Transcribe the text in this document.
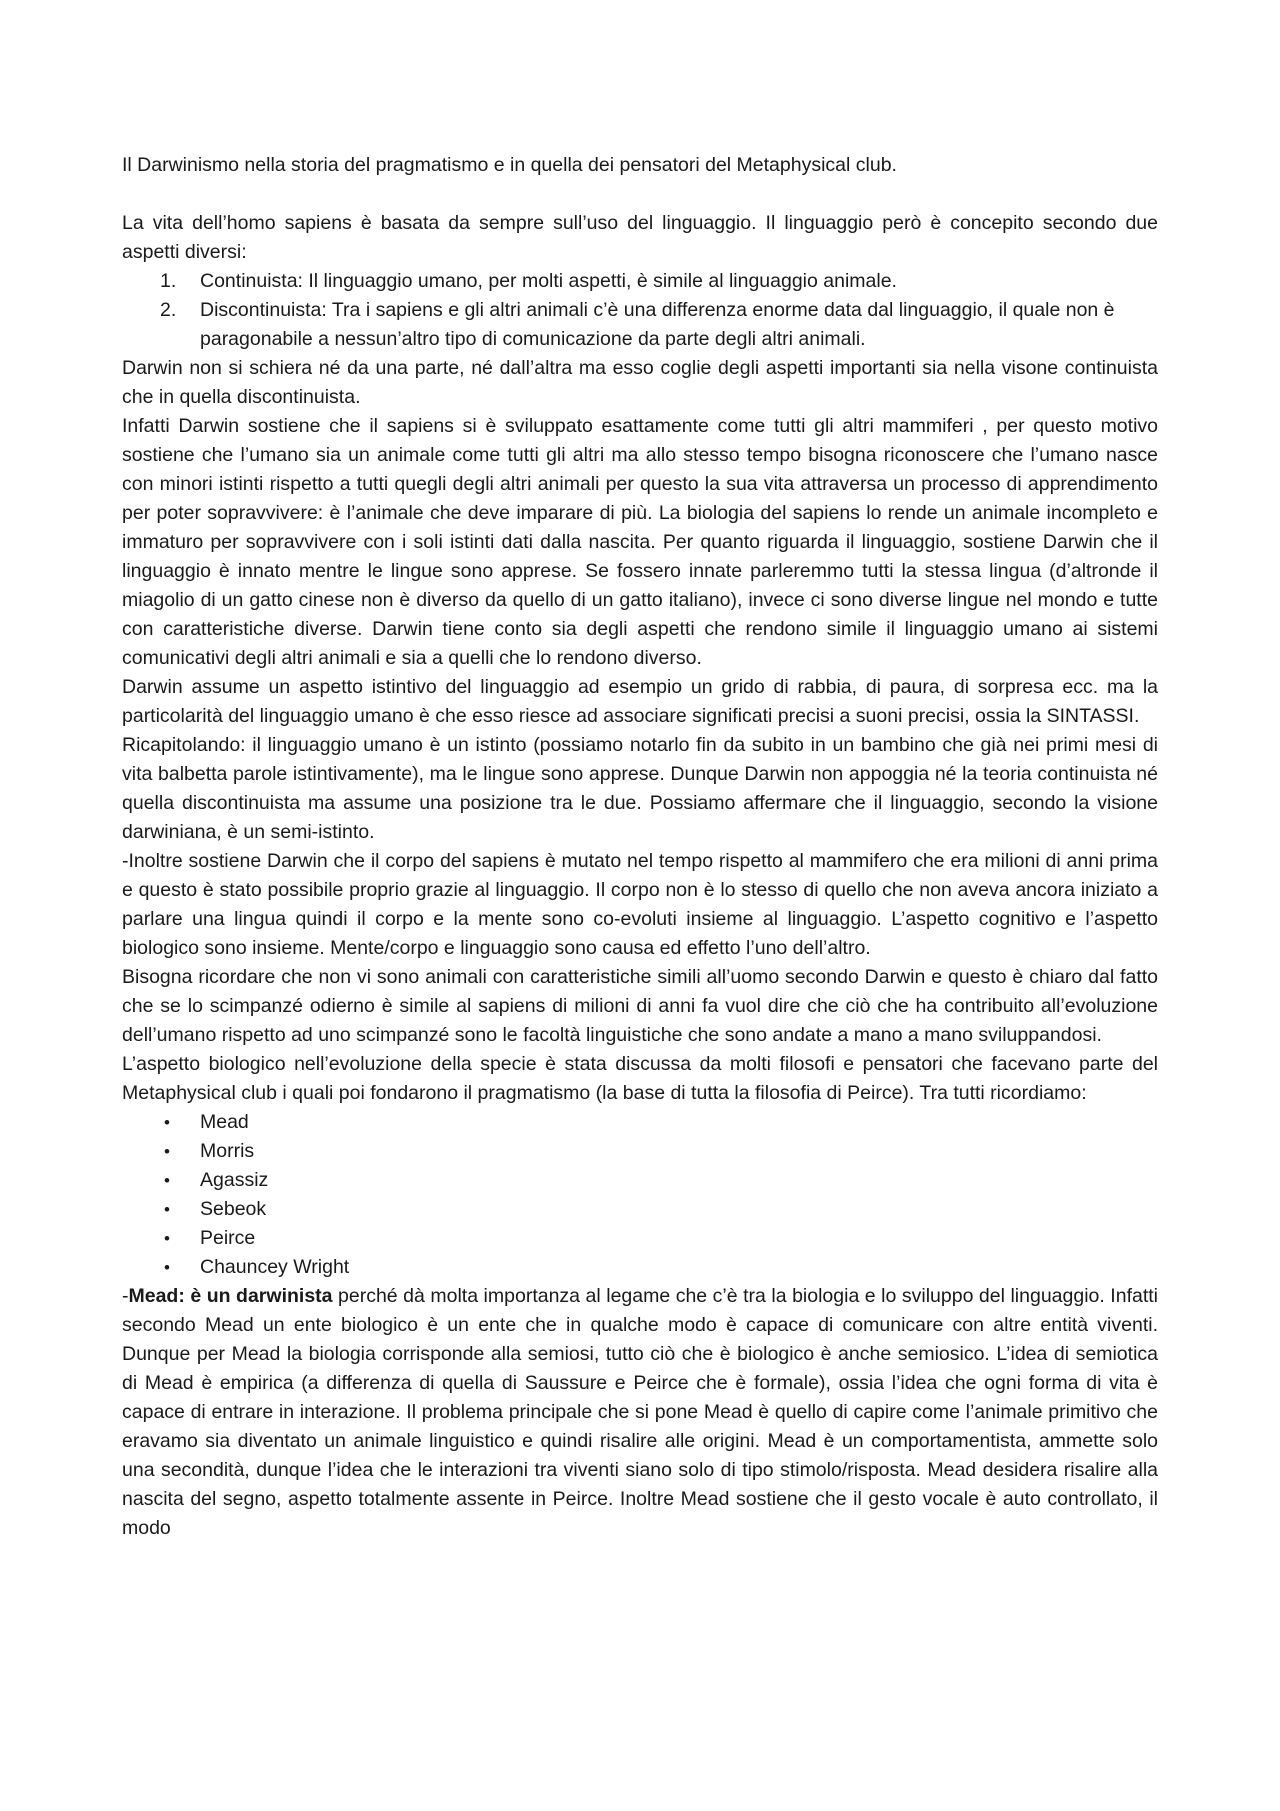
Il Darwinismo nella storia del pragmatismo e in quella dei pensatori del Metaphysical club.

La vita dell’homo sapiens è basata da sempre sull’uso del linguaggio. Il linguaggio però è concepito secondo due aspetti diversi:

1. Continuista: Il linguaggio umano, per molti aspetti, è simile al linguaggio animale.
2. Discontinuista: Tra i sapiens e gli altri animali c’è una differenza enorme data dal linguaggio, il quale non è paragonabile a nessun’altro tipo di comunicazione da parte degli altri animali.

Darwin non si schiera né da una parte, né dall’altra ma esso coglie degli aspetti importanti sia nella visone continuista che in quella discontinuista.

Infatti Darwin sostiene che il sapiens si è sviluppato esattamente come tutti gli altri mammiferi , per questo motivo sostiene che l’umano sia un animale come tutti gli altri ma allo stesso tempo bisogna riconoscere che l’umano nasce con minori istinti rispetto a tutti quegli degli altri animali per questo la sua vita attraversa un processo di apprendimento per poter sopravvivere: è l’animale che deve imparare di più. La biologia del sapiens lo rende un animale incompleto e immaturo per sopravvivere con i soli istinti dati dalla nascita. Per quanto riguarda il linguaggio, sostiene Darwin che il linguaggio è innato mentre le lingue sono apprese. Se fossero innate parleremmo tutti la stessa lingua (d’altronde il miagolio di un gatto cinese non è diverso da quello di un gatto italiano), invece ci sono diverse lingue nel mondo e tutte con caratteristiche diverse. Darwin tiene conto sia degli aspetti che rendono simile il linguaggio umano ai sistemi comunicativi degli altri animali e sia a quelli che lo rendono diverso.

Darwin assume un aspetto istintivo del linguaggio ad esempio un grido di rabbia, di paura, di sorpresa ecc. ma la particolarità del linguaggio umano è che esso riesce ad associare significati precisi a suoni precisi, ossia la SINTASSI.

Ricapitolando: il linguaggio umano è un istinto (possiamo notarlo fin da subito in un bambino che già nei primi mesi di vita balbetta parole istintivamente), ma le lingue sono apprese. Dunque Darwin non appoggia né la teoria continuista né quella discontinuista ma assume una posizione tra le due. Possiamo affermare che il linguaggio, secondo la visione darwiniana, è un semi-istinto.

-Inoltre sostiene Darwin che il corpo del sapiens è mutato nel tempo rispetto al mammifero che era milioni di anni prima e questo è stato possibile proprio grazie al linguaggio. Il corpo non è lo stesso di quello che non aveva ancora iniziato a parlare una lingua quindi il corpo e la mente sono co-evoluti insieme al linguaggio. L’aspetto cognitivo e l’aspetto biologico sono insieme. Mente/corpo e linguaggio sono causa ed effetto l’uno dell’altro.

Bisogna ricordare che non vi sono animali con caratteristiche simili all’uomo secondo Darwin e questo è chiaro dal fatto che se lo scimpanzé odierno è simile al sapiens di milioni di anni fa vuol dire che ciò che ha contribuito all’evoluzione dell’umano rispetto ad uno scimpanzé sono le facoltà linguistiche che sono andate a mano a mano sviluppandosi.

L’aspetto biologico nell’evoluzione della specie è stata discussa da molti filosofi e pensatori che facevano parte del Metaphysical club i quali poi fondarono il pragmatismo (la base di tutta la filosofia di Peirce). Tra tutti ricordiamo:

• Mead
• Morris
• Agassiz
• Sebeok
• Peirce
• Chauncey Wright

-Mead: è un darwinista perché dà molta importanza al legame che c’è tra la biologia e lo sviluppo del linguaggio. Infatti secondo Mead un ente biologico è un ente che in qualche modo è capace di comunicare con altre entità viventi. Dunque per Mead la biologia corrisponde alla semiosi, tutto ciò che è biologico è anche semiosico. L’idea di semiotica di Mead è empirica (a differenza di quella di Saussure e Peirce che è formale), ossia l’idea che ogni forma di vita è capace di entrare in interazione. Il problema principale che si pone Mead è quello di capire come l’animale primitivo che eravamo sia diventato un animale linguistico e quindi risalire alle origini. Mead è un comportamentista, ammette solo una secondità, dunque l’idea che le interazioni tra viventi siano solo di tipo stimolo/risposta. Mead desidera risalire alla nascita del segno, aspetto totalmente assente in Peirce. Inoltre Mead sostiene che il gesto vocale è auto controllato, il modo
